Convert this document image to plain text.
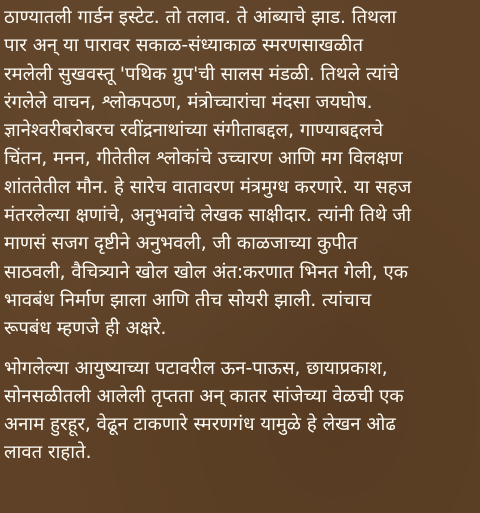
ठाण्यातली गार्डन इस्टेट. तो तलाव. ते आंब्याचे झाड. तिथला
पार अन् या पारावर सकाळ-संध्याकाळ स्मरणसाखळीत
रमलेली सुखवस्तू 'पथिक ग्रुप'ची सालस मंडळी. तिथले त्यांचे
रंगलेले वाचन, श्लोकपठण, मंत्रोच्चारांचा मंदसा जयघोष.
ज्ञानेश्वरीबरोबरच रवींद्रनाथांच्या संगीताबद्दल, गाण्याबद्दलचे
चिंतन, मनन, गीतेतील श्लोकांचे उच्चारण आणि मग विलक्षण
शांततेतील मौन. हे सारेच वातावरण मंत्रमुग्ध करणारे. या सहज
मंतरलेल्या क्षणांचे, अनुभवांचे लेखक साक्षीदार. त्यांनी तिथे जी
माणसं सजग दृष्टीने अनुभवली, जी काळजाच्या कुपीत
साठवली, वैचित्र्याने खोल खोल अंत:करणात भिनत गेली, एक
भावबंध निर्माण झाला आणि तीच सोयरी झाली. त्यांचाच
रूपबंध म्हणजे ही अक्षरे.
भोगलेल्या आयुष्याच्या पटावरील ऊन-पाऊस, छायाप्रकाश,
सोनसळीतली आलेली तृप्तता अन् कातर सांजेच्या वेळची एक
अनाम हुरहूर, वेढून टाकणारे स्मरणगंध यामुळे हे लेखन ओढ
लावत राहाते.
